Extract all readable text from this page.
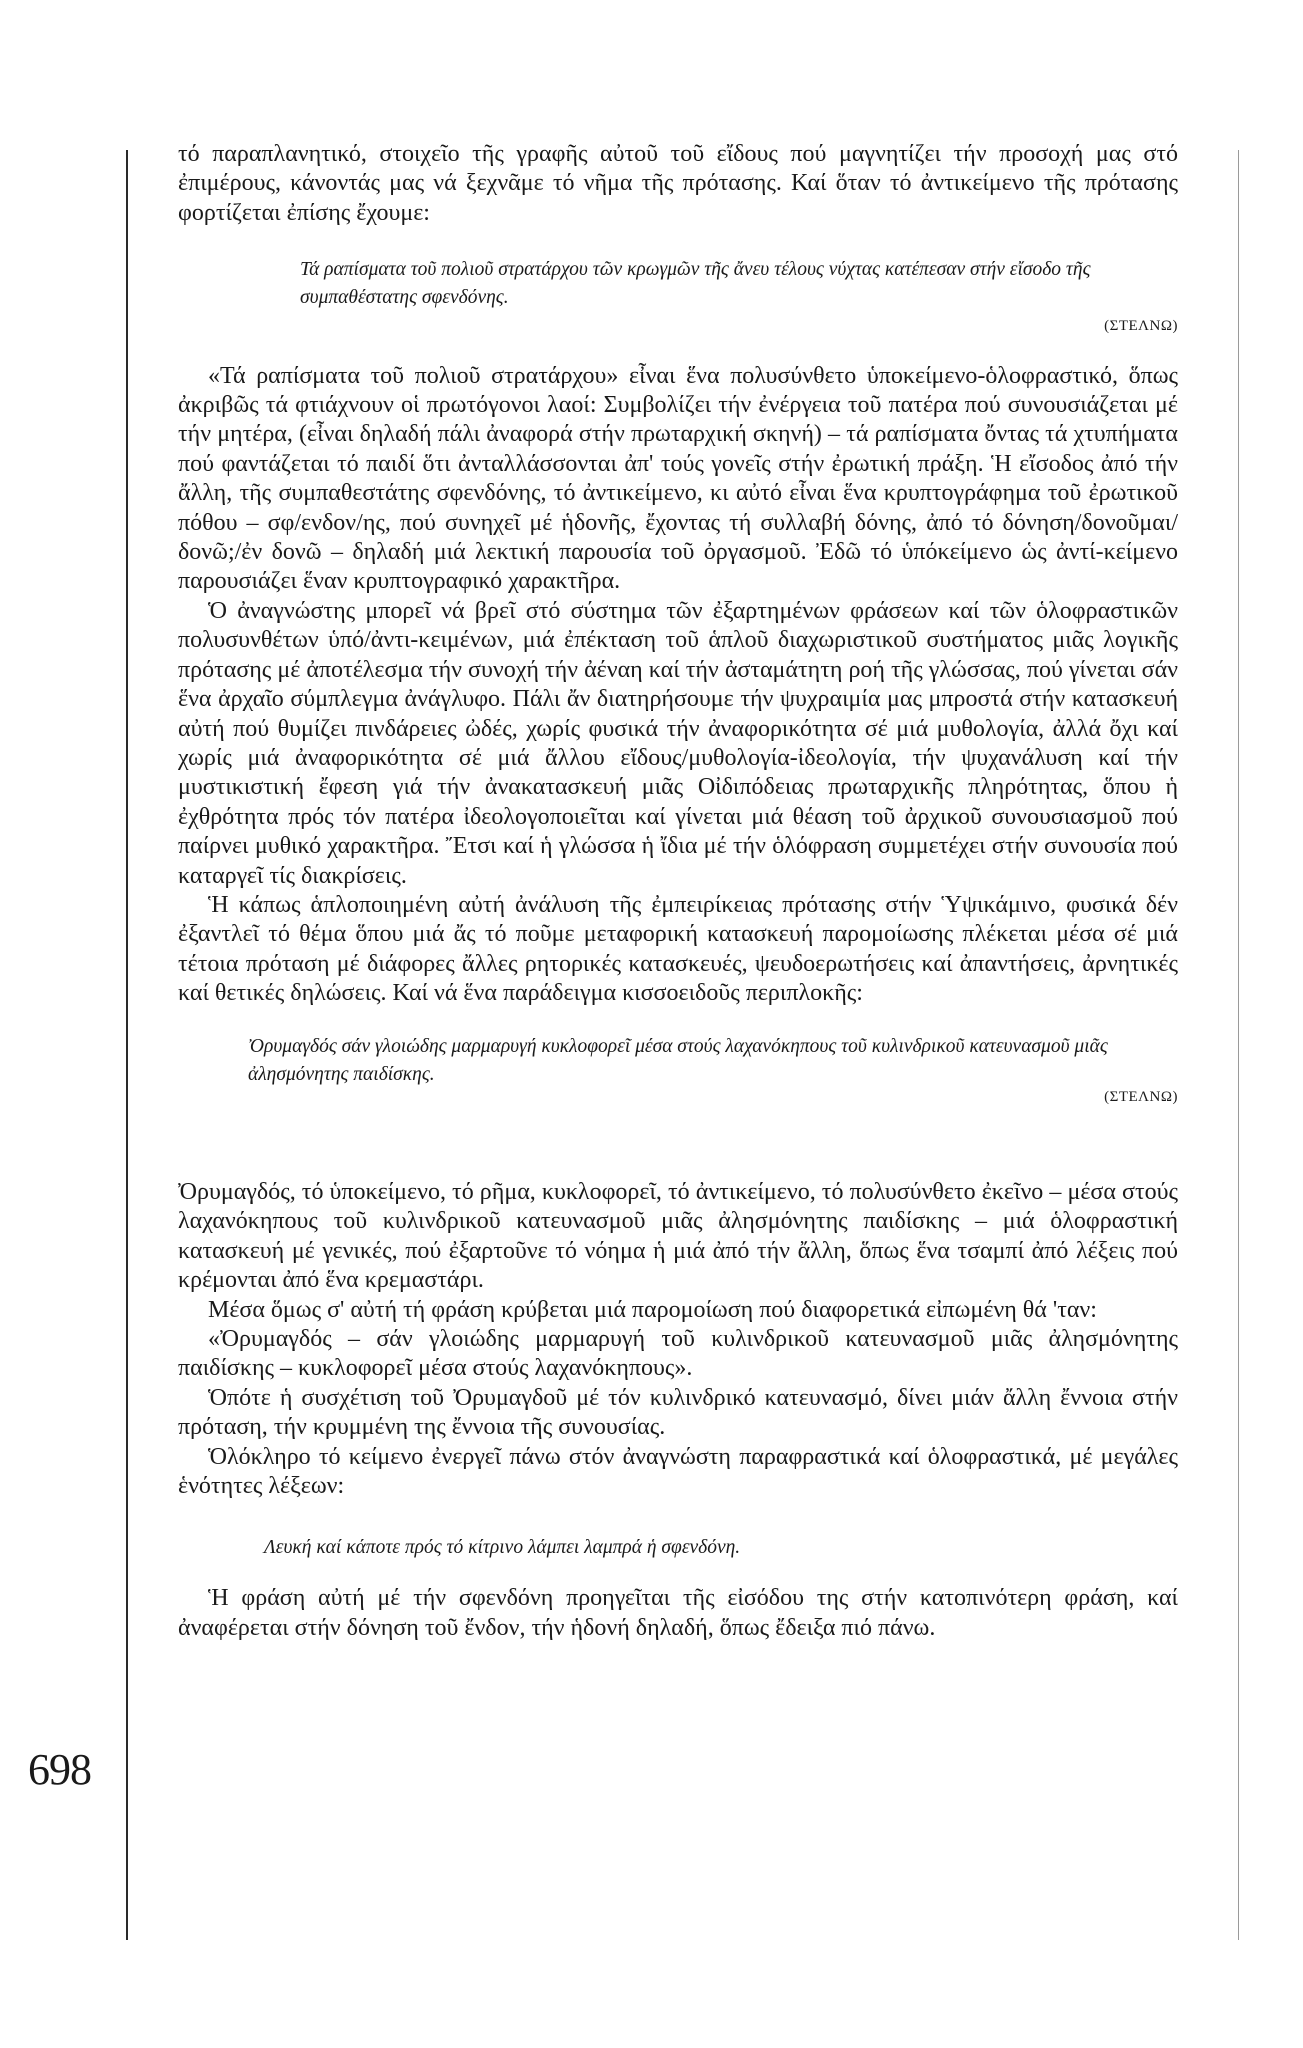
698

τό παραπλανητικό, στοιχεῖο τῆς γραφῆς αὐτοῦ τοῦ εἴδους πού μαγνητίζει τήν προσοχή μας στό ἐπιμέρους, κάνοντάς μας νά ξεχνᾶμε τό νῆμα τῆς πρότασης. Καί ὅταν τό ἀντικείμενο τῆς πρότασης φορτίζεται ἐπίσης ἔχουμε:

Τά ραπίσματα τοῦ πολιοῦ στρατάρχου τῶν κρωγμῶν τῆς ἄνευ τέλους νύχτας κατέπεσαν στήν εἴσοδο τῆς συμπαθέστατης σφενδόνης.

(ΣΤΕΛΝΩ)

«Τά ραπίσματα τοῦ πολιοῦ στρατάρχου» εἶναι ἕνα πολυσύνθετο ὑποκείμενο-ὁλοφραστικό, ὅπως ἀκριβῶς τά φτιάχνουν οἱ πρωτόγονοι λαοί: Συμβολίζει τήν ἐνέργεια τοῦ πατέρα πού συνουσιάζεται μέ τήν μητέρα, (εἶναι δηλαδή πάλι ἀναφορά στήν πρωταρχική σκηνή) – τά ραπίσματα ὄντας τά χτυπήματα πού φαντάζεται τό παιδί ὅτι ἀνταλλάσσονται ἀπ' τούς γονεῖς στήν ἐρωτική πράξη. Ἡ εἴσοδος ἀπό τήν ἄλλη, τῆς συμπαθεστάτης σφενδόνης, τό ἀντικείμενο, κι αὐτό εἶναι ἕνα κρυπτογράφημα τοῦ ἐρωτικοῦ πόθου – σφ/ενδον/ης, πού συνηχεῖ μέ ἡδονῆς, ἔχοντας τή συλλαβή δόνης, ἀπό τό δόνηση/δονοῦμαι/δονῶ;/ἐν δονῶ – δηλαδή μιά λεκτική παρουσία τοῦ ὀργασμοῦ. Ἐδῶ τό ὑπόκείμενο ὡς ἀντί-κείμενο παρουσιάζει ἕναν κρυπτογραφικό χαρακτῆρα.

Ὁ ἀναγνώστης μπορεῖ νά βρεῖ στό σύστημα τῶν ἐξαρτημένων φράσεων καί τῶν ὁλοφραστικῶν πολυσυνθέτων ὑπό/ἀντι-κειμένων, μιά ἐπέκταση τοῦ ἁπλοῦ διαχωριστικοῦ συστήματος μιᾶς λογικῆς πρότασης μέ ἀποτέλεσμα τήν συνοχή τήν ἀέναη καί τήν ἀσταμάτητη ροή τῆς γλώσσας, πού γίνεται σάν ἕνα ἀρχαῖο σύμπλεγμα ἀνάγλυφο. Πάλι ἄν διατηρήσουμε τήν ψυχραιμία μας μπροστά στήν κατασκευή αὐτή πού θυμίζει πινδάρειες ὠδές, χωρίς φυσικά τήν ἀναφορικότητα σέ μιά μυθολογία, ἀλλά ὄχι καί χωρίς μιά ἀναφορικότητα σέ μιά ἄλλου εἴδους/μυθολογία-ἰδεολογία, τήν ψυχανάλυση καί τήν μυστικιστική ἔφεση γιά τήν ἀνακατασκευή μιᾶς Οἰδιπόδειας πρωταρχικῆς πληρότητας, ὅπου ἡ ἐχθρότητα πρός τόν πατέρα ἰδεολογοποιεῖται καί γίνεται μιά θέαση τοῦ ἀρχικοῦ συνουσιασμοῦ πού παίρνει μυθικό χαρακτῆρα. Ἔτσι καί ἡ γλώσσα ἡ ἴδια μέ τήν ὁλόφραση συμμετέχει στήν συνουσία πού καταργεῖ τίς διακρίσεις.

Ἡ κάπως ἁπλοποιημένη αὐτή ἀνάλυση τῆς ἐμπειρίκειας πρότασης στήν Ὑψικάμινο, φυσικά δέν ἐξαντλεῖ τό θέμα ὅπου μιά ἄς τό ποῦμε μεταφορική κατασκευή παρομοίωσης πλέκεται μέσα σέ μιά τέτοια πρόταση μέ διάφορες ἄλλες ρητορικές κατασκευές, ψευδοερωτήσεις καί ἀπαντήσεις, ἀρνητικές καί θετικές δηλώσεις. Καί νά ἕνα παράδειγμα κισσοειδοῦς περιπλοκῆς:

Ὀρυμαγδός σάν γλοιώδης μαρμαρυγή κυκλοφορεῖ μέσα στούς λαχανόκηπους τοῦ κυλινδρικοῦ κατευνασμοῦ μιᾶς ἀλησμόνητης παιδίσκης.

(ΣΤΕΛΝΩ)

Ὀρυμαγδός, τό ὑποκείμενο, τό ρῆμα, κυκλοφορεῖ, τό ἀντικείμενο, τό πολυσύνθετο ἐκεῖνο – μέσα στούς λαχανόκηπους τοῦ κυλινδρικοῦ κατευνασμοῦ μιᾶς ἀλησμόνητης παιδίσκης – μιά ὁλοφραστική κατασκευή μέ γενικές, πού ἐξαρτοῦνε τό νόημα ἡ μιά ἀπό τήν ἄλλη, ὅπως ἕνα τσαμπί ἀπό λέξεις πού κρέμονται ἀπό ἕνα κρεμαστάρι.

Μέσα ὅμως σ' αὐτή τή φράση κρύβεται μιά παρομοίωση πού διαφορετικά εἰπωμένη θά 'ταν:

«Ὀρυμαγδός – σάν γλοιώδης μαρμαρυγή τοῦ κυλινδρικοῦ κατευνασμοῦ μιᾶς ἀλησμόνητης παιδίσκης – κυκλοφορεῖ μέσα στούς λαχανόκηπους».

Ὁπότε ἡ συσχέτιση τοῦ Ὀρυμαγδοῦ μέ τόν κυλινδρικό κατευνασμό, δίνει μιάν ἄλλη ἔννοια στήν πρόταση, τήν κρυμμένη της ἔννοια τῆς συνουσίας.

Ὁλόκληρο τό κείμενο ἐνεργεῖ πάνω στόν ἀναγνώστη παραφραστικά καί ὁλοφραστικά, μέ μεγάλες ἑνότητες λέξεων:

Λευκή καί κάποτε πρός τό κίτρινο λάμπει λαμπρά ἡ σφενδόνη.

Ἡ φράση αὐτή μέ τήν σφενδόνη προηγεῖται τῆς εἰσόδου της στήν κατοπινότερη φράση, καί ἀναφέρεται στήν δόνηση τοῦ ἔνδον, τήν ἡδονή δηλαδή, ὅπως ἔδειξα πιό πάνω.
